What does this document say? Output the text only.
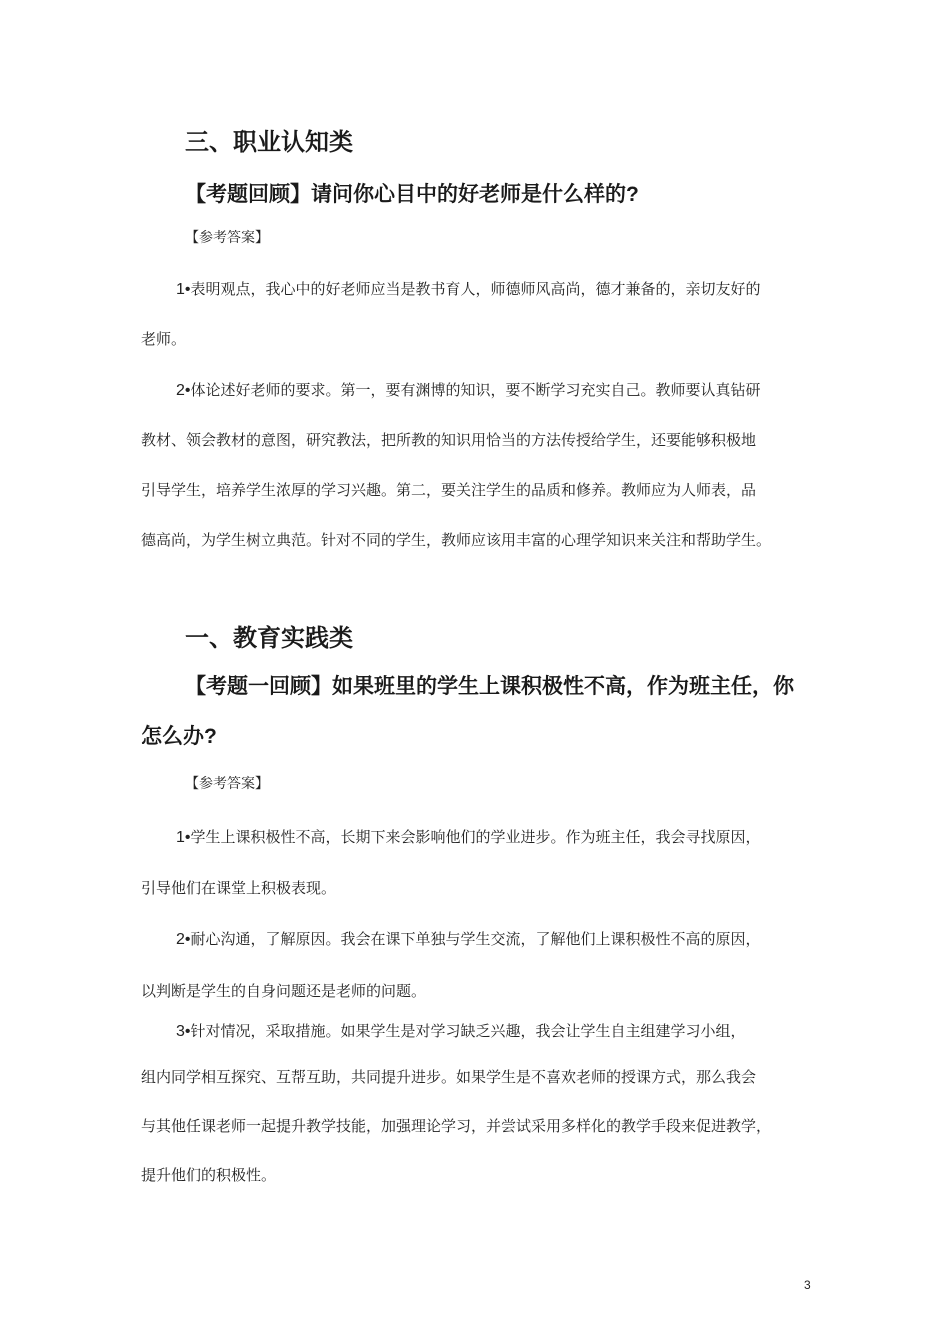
三、职业认知类
【考题回顾】请问你心目中的好老师是什么样的?
【参考答案】
1•表明观点，我心中的好老师应当是教书育人，师德师风高尚，德才兼备的，亲切友好的
老师。
2•体论述好老师的要求。第一，要有渊博的知识，要不断学习充实自己。教师要认真钻研
教材、领会教材的意图，研究教法，把所教的知识用恰当的方法传授给学生，还要能够积极地
引导学生，培养学生浓厚的学习兴趣。第二，要关注学生的品质和修养。教师应为人师表，品
德高尚，为学生树立典范。针对不同的学生，教师应该用丰富的心理学知识来关注和帮助学生。
一、教育实践类
【考题一回顾】如果班里的学生上课积极性不高，作为班主任，你
怎么办?
【参考答案】
1•学生上课积极性不高，长期下来会影响他们的学业进步。作为班主任，我会寻找原因，
引导他们在课堂上积极表现。
2•耐心沟通，了解原因。我会在课下单独与学生交流，了解他们上课积极性不高的原因，
以判断是学生的自身问题还是老师的问题。
3•针对情况，采取措施。如果学生是对学习缺乏兴趣，我会让学生自主组建学习小组，
组内同学相互探究、互帮互助，共同提升进步。如果学生是不喜欢老师的授课方式，那么我会
与其他任课老师一起提升教学技能，加强理论学习，并尝试采用多样化的教学手段来促进教学，
提升他们的积极性。
3
